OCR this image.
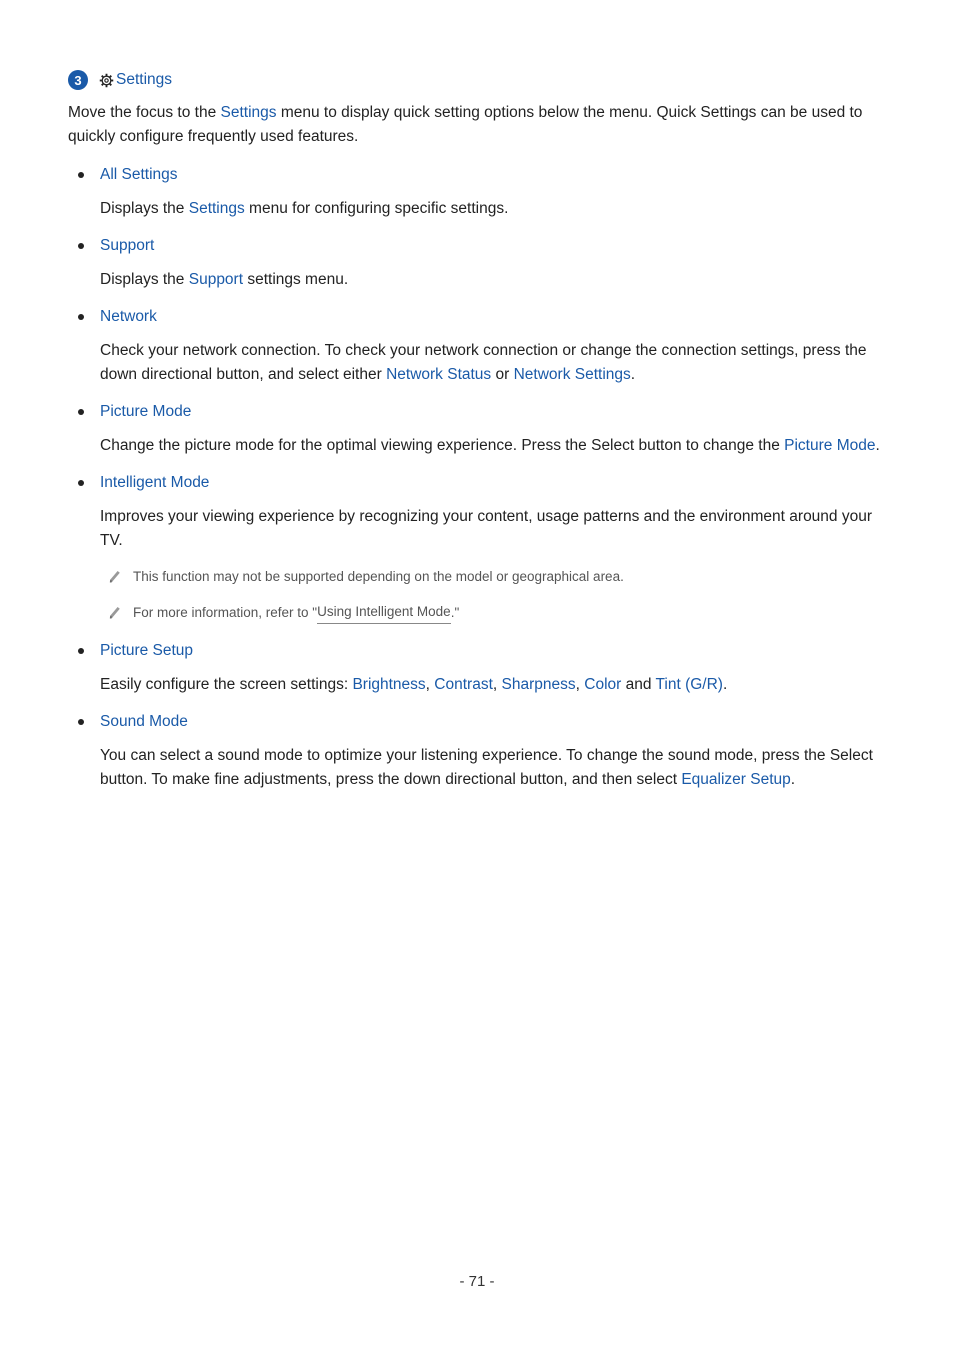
3	Settings

Move the focus to the Settings menu to display quick setting options below the menu. Quick Settings can be used to quickly configure frequently used features.

All Settings

Displays the Settings menu for configuring specific settings.

Support

Displays the Support settings menu.

Network

Check your network connection. To check your network connection or change the connection settings, press the down directional button, and select either Network Status or Network Settings.

Picture Mode

Change the picture mode for the optimal viewing experience. Press the Select button to change the Picture Mode.

Intelligent Mode

Improves your viewing experience by recognizing your content, usage patterns and the environment around your TV.

This function may not be supported depending on the model or geographical area.
For more information, refer to " Using Intelligent Mode ."
Picture Setup

Easily configure the screen settings: Brightness, Contrast, Sharpness, Color and Tint (G/R).

Sound Mode

You can select a sound mode to optimize your listening experience. To change the sound mode, press the Select button. To make fine adjustments, press the down directional button, and then select Equalizer Setup.

- 71 -
